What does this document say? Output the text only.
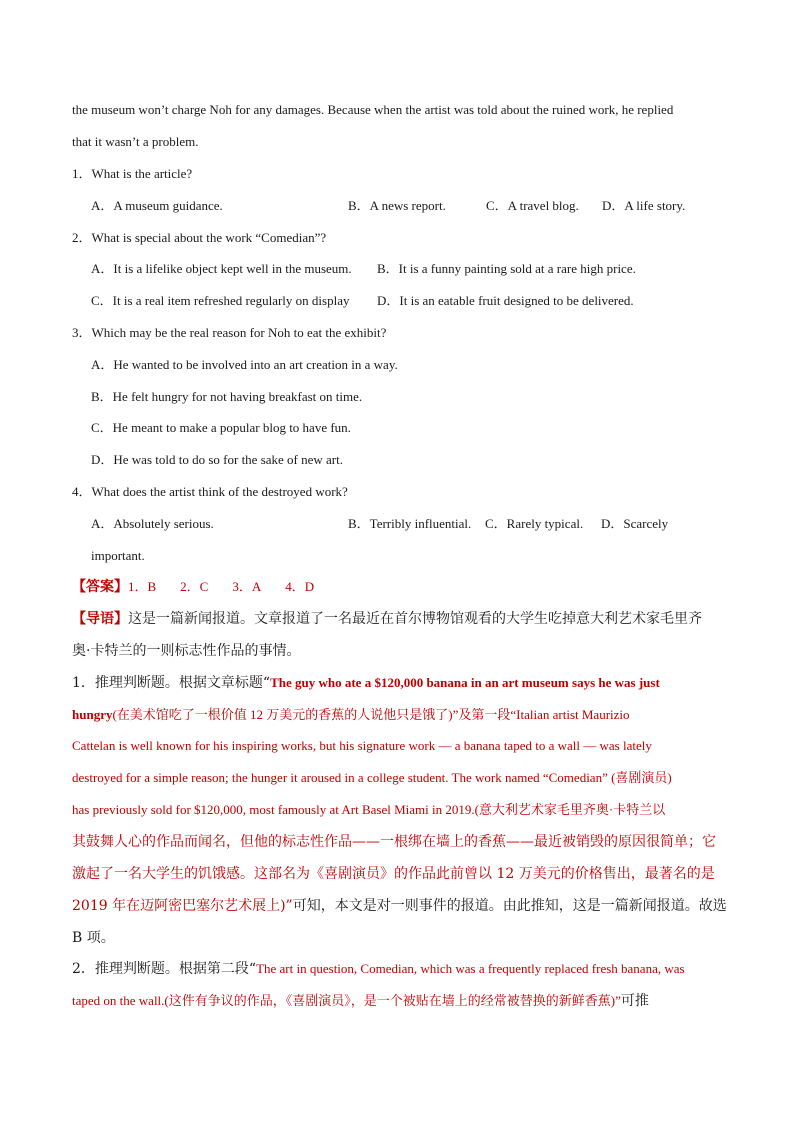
the museum won’t charge Noh for any damages. Because when the artist was told about the ruined work, he replied
that it wasn’t a problem.
1．What is the article?
A．A museum guidance.	B．A news report.	C．A travel blog. D．A life story.
2．What is special about the work “Comedian”?
A．It is a lifelike object kept well in the museum. B．It is a funny painting sold at a rare high price.
C．It is a real item refreshed regularly on display D．It is an eatable fruit designed to be delivered.
3．Which may be the real reason for Noh to eat the exhibit?
A．He wanted to be involved into an art creation in a way.
B．He felt hungry for not having breakfast on time.
C．He meant to make a popular blog to have fun.
D．He was told to do so for the sake of new art.
4．What does the artist think of the destroyed work?
A．Absolutely serious.	B．Terribly influential. C．Rarely typical. D．Scarcely
important.
【答案】1．B 2．C 3．A 4．D
【导语】这是一篇新闻报道。文章报道了一名最近在首尔博物馆观看的大学生吃掉意大利艺术家毛里齐
奥·卡特兰的一则标志性作品的事情。
1．推理判断题。根据文章标题“The guy who ate a $120,000 banana in an art museum says he was just
hungry(在美术馆吃了一根价值 12 万美元的香蕉的人说他只是饿了)”及第一段“Italian artist Maurizio
Cattelan is well known for his inspiring works, but his signature work — a banana taped to a wall — was lately
destroyed for a simple reason; the hunger it aroused in a college student. The work named “Comedian” (喜剧演员)
has previously sold for $120,000, most famously at Art Basel Miami in 2019.(意大利艺术家毛里齐奥·卡特兰以
其鼓舞人心的作品而闻名，但他的标志性作品——一根绑在墙上的香蕉——最近被销毁的原因很简单；它
激起了一名大学生的饥饿感。这部名为《喜剧演员》的作品此前曾以 12 万美元的价格售出，最著名的是
2019 年在迈阿密巴塞尔艺术展上)”可知，本文是对一则事件的报道。由此推知，这是一篇新闻报道。故选
B 项。
2．推理判断题。根据第二段“The art in question, Comedian, which was a frequently replaced fresh banana, was
taped on the wall.(这件有争议的作品，《喜剧演员》，是一个被贴在墙上的经常被替换的新鲜香蕉)”可推
